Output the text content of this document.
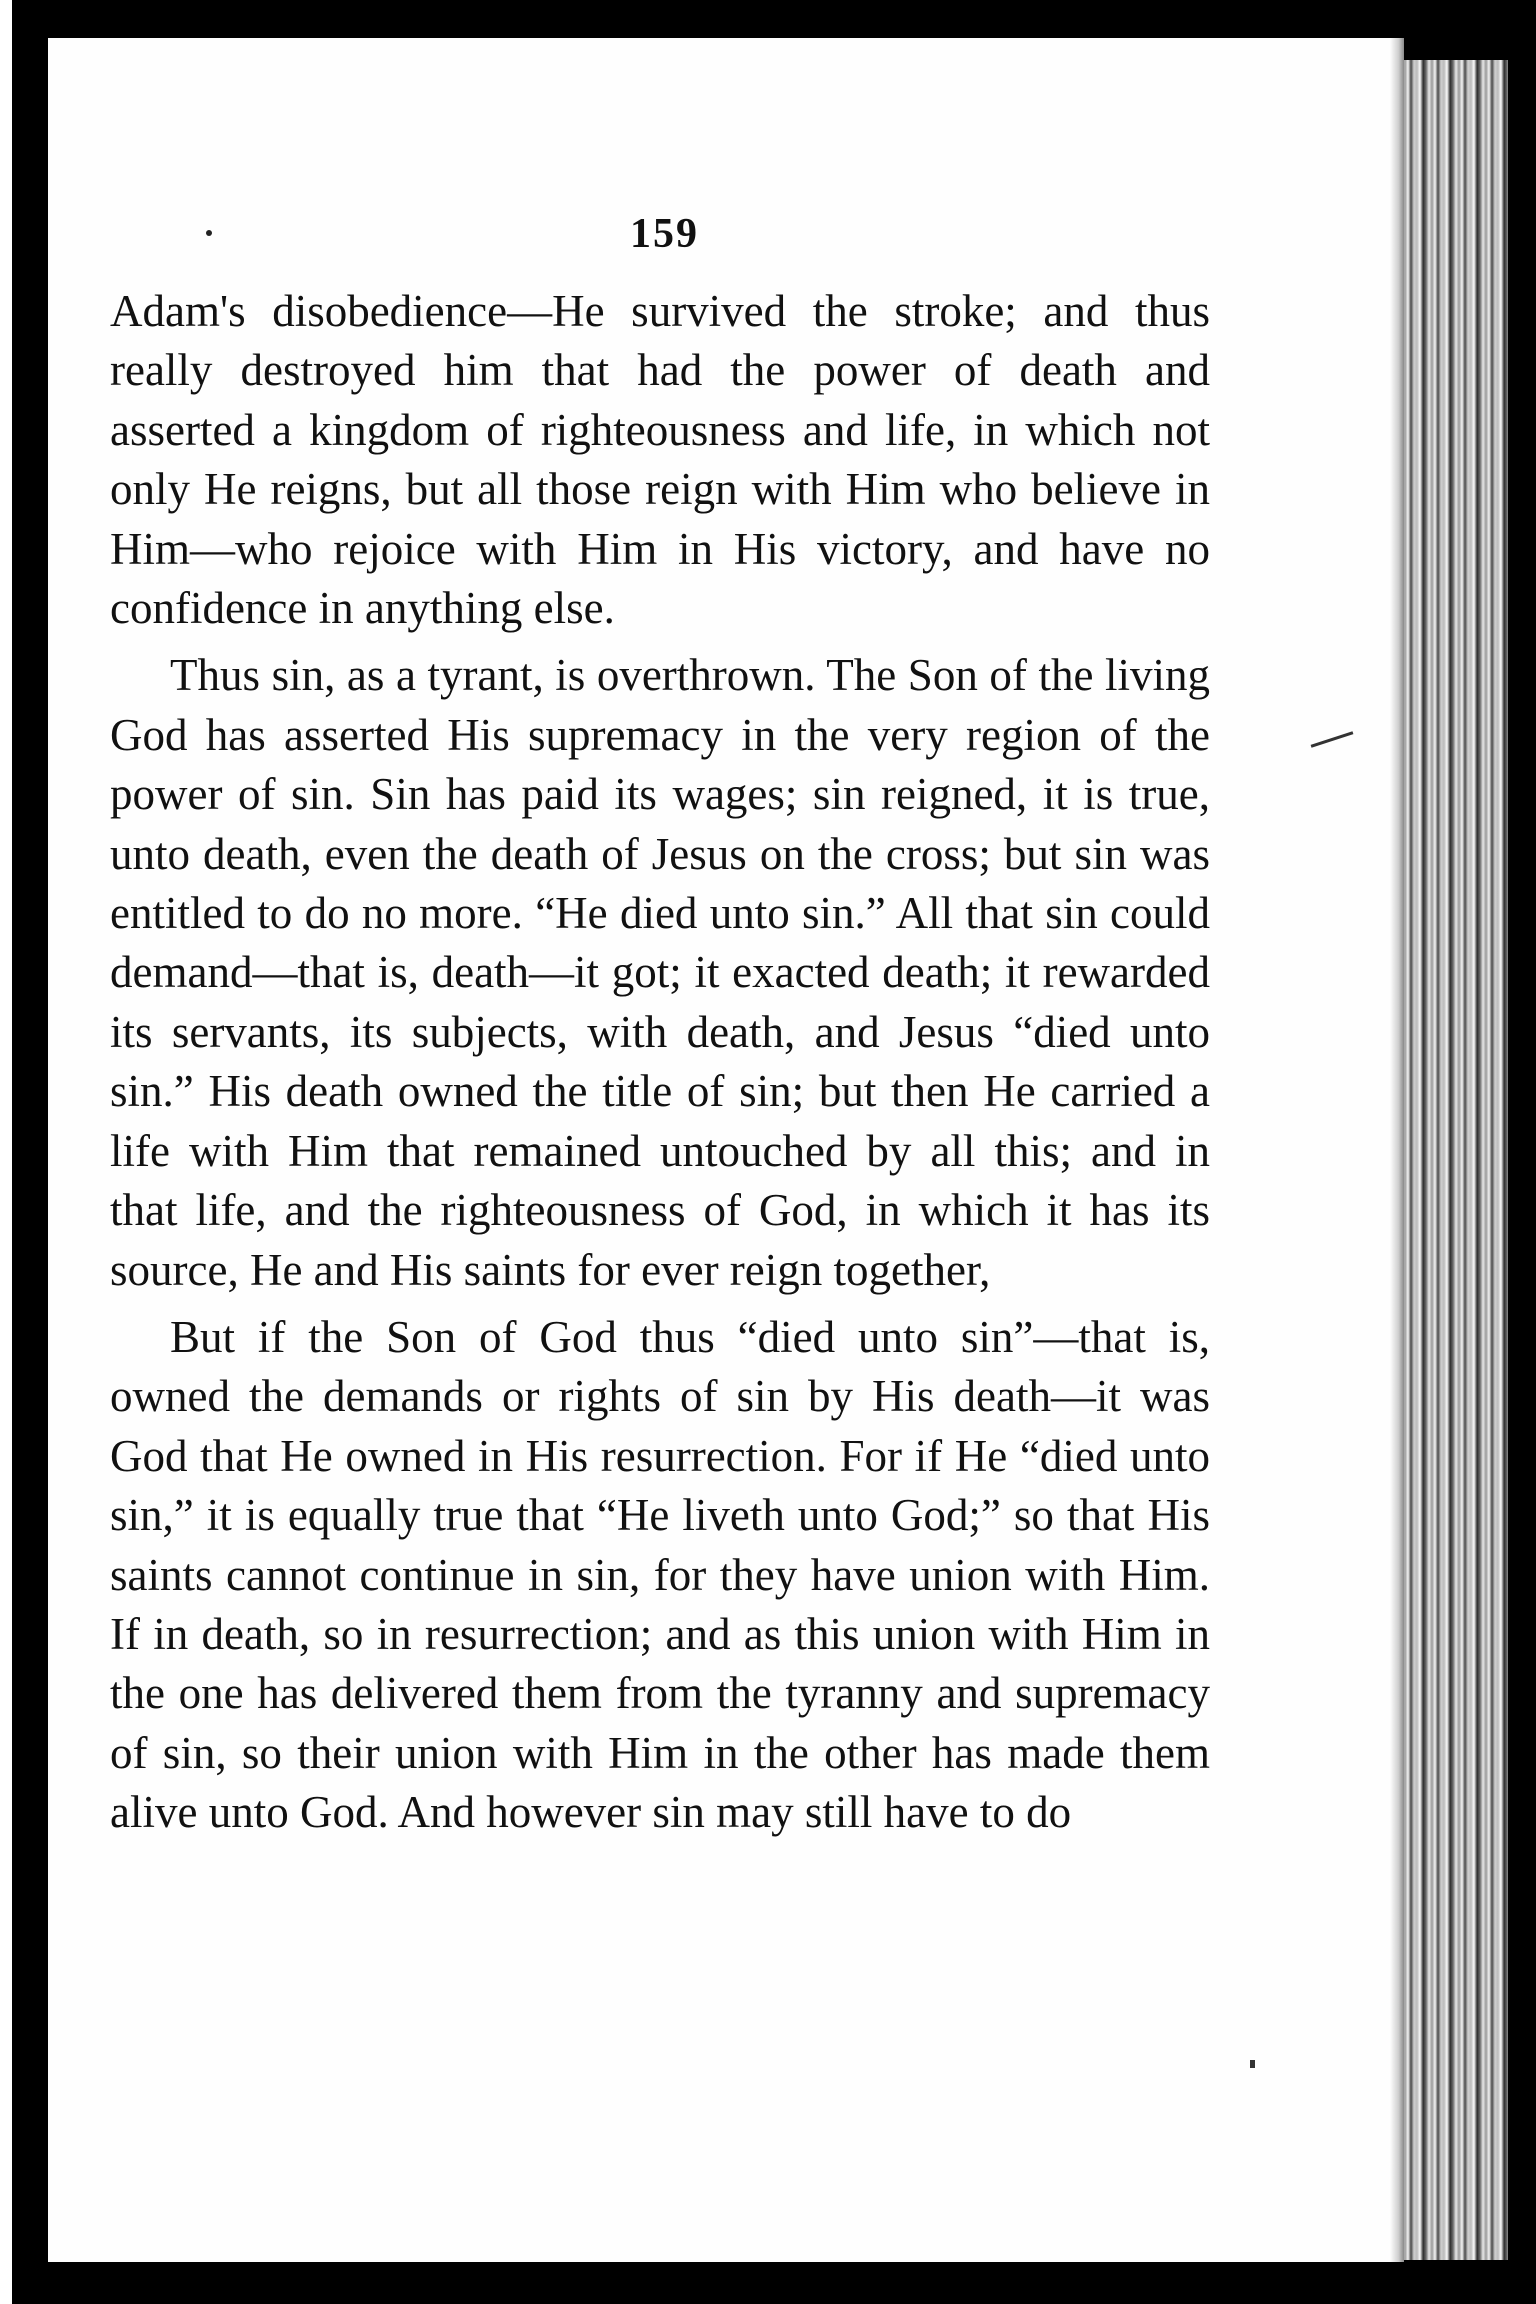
159

Adam's disobedience—He survived the stroke; and thus really destroyed him that had the power of death and asserted a kingdom of righteousness and life, in which not only He reigns, but all those reign with Him who believe in Him—who rejoice with Him in His victory, and have no confidence in anything else.

Thus sin, as a tyrant, is overthrown. The Son of the living God has asserted His supremacy in the very region of the power of sin. Sin has paid its wages; sin reigned, it is true, unto death, even the death of Jesus on the cross; but sin was entitled to do no more. “He died unto sin.” All that sin could demand—that is, death—it got; it exacted death; it rewarded its servants, its subjects, with death, and Jesus “died unto sin.” His death owned the title of sin; but then He carried a life with Him that remained untouched by all this; and in that life, and the righteousness of God, in which it has its source, He and His saints for ever reign together,

But if the Son of God thus “died unto sin”—that is, owned the demands or rights of sin by His death—it was God that He owned in His resurrection. For if He “died unto sin,” it is equally true that “He liveth unto God;” so that His saints cannot continue in sin, for they have union with Him. If in death, so in resurrection; and as this union with Him in the one has delivered them from the tyranny and supremacy of sin, so their union with Him in the other has made them alive unto God. And however sin may still have to do
